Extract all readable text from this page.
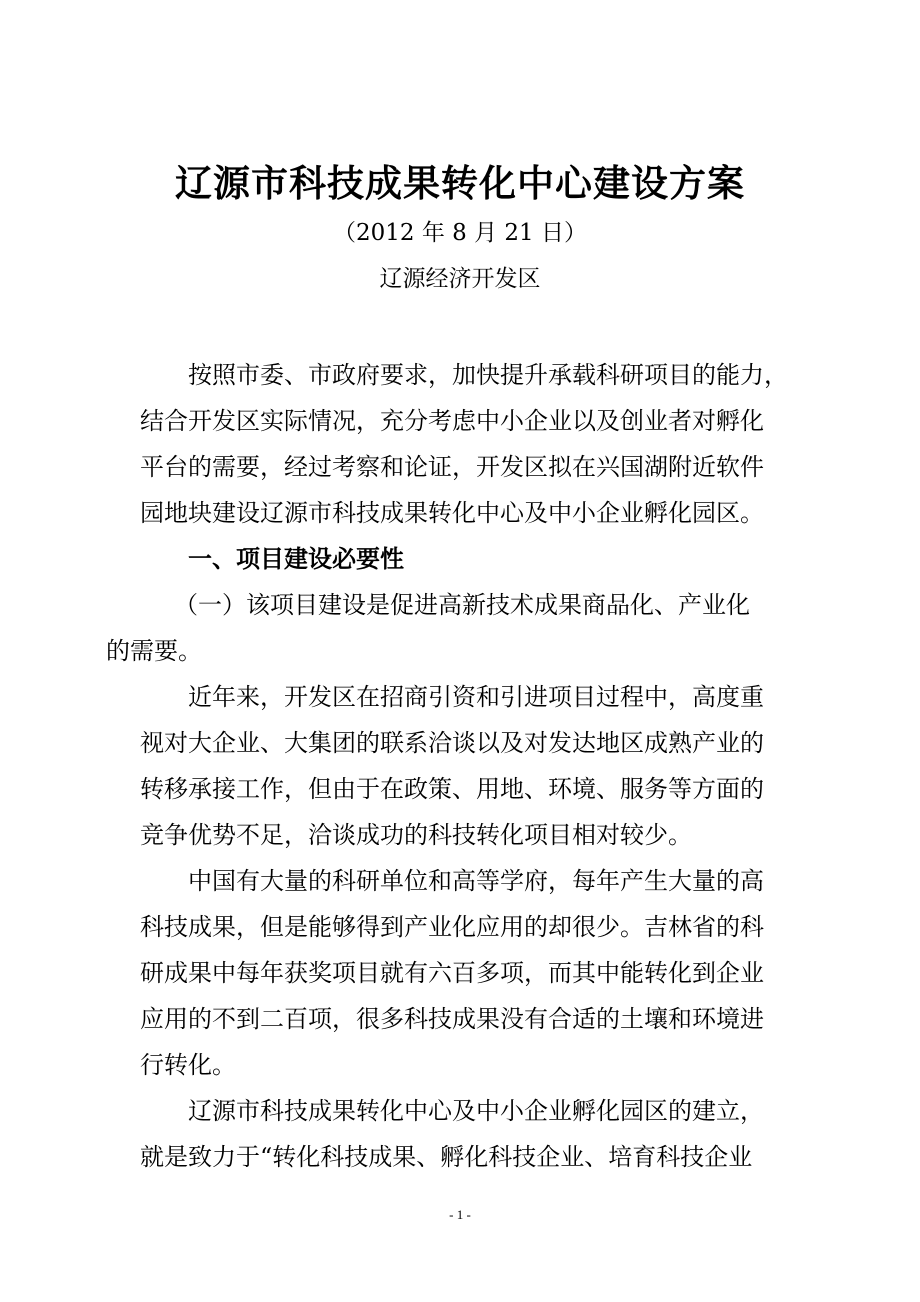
辽源市科技成果转化中心建设方案
（2012 年 8 月 21 日）
辽源经济开发区

按照市委、市政府要求，加快提升承载科研项目的能力，
结合开发区实际情况，充分考虑中小企业以及创业者对孵化
平台的需要，经过考察和论证，开发区拟在兴国湖附近软件
园地块建设辽源市科技成果转化中心及中小企业孵化园区。

一、项目建设必要性

（一）该项目建设是促进高新技术成果商品化、产业化
的需要。

近年来，开发区在招商引资和引进项目过程中，高度重
视对大企业、大集团的联系洽谈以及对发达地区成熟产业的
转移承接工作，但由于在政策、用地、环境、服务等方面的
竞争优势不足，洽谈成功的科技转化项目相对较少。

中国有大量的科研单位和高等学府，每年产生大量的高
科技成果，但是能够得到产业化应用的却很少。吉林省的科
研成果中每年获奖项目就有六百多项，而其中能转化到企业
应用的不到二百项，很多科技成果没有合适的土壤和环境进
行转化。

辽源市科技成果转化中心及中小企业孵化园区的建立，
就是致力于“转化科技成果、孵化科技企业、培育科技企业

- 1 -
